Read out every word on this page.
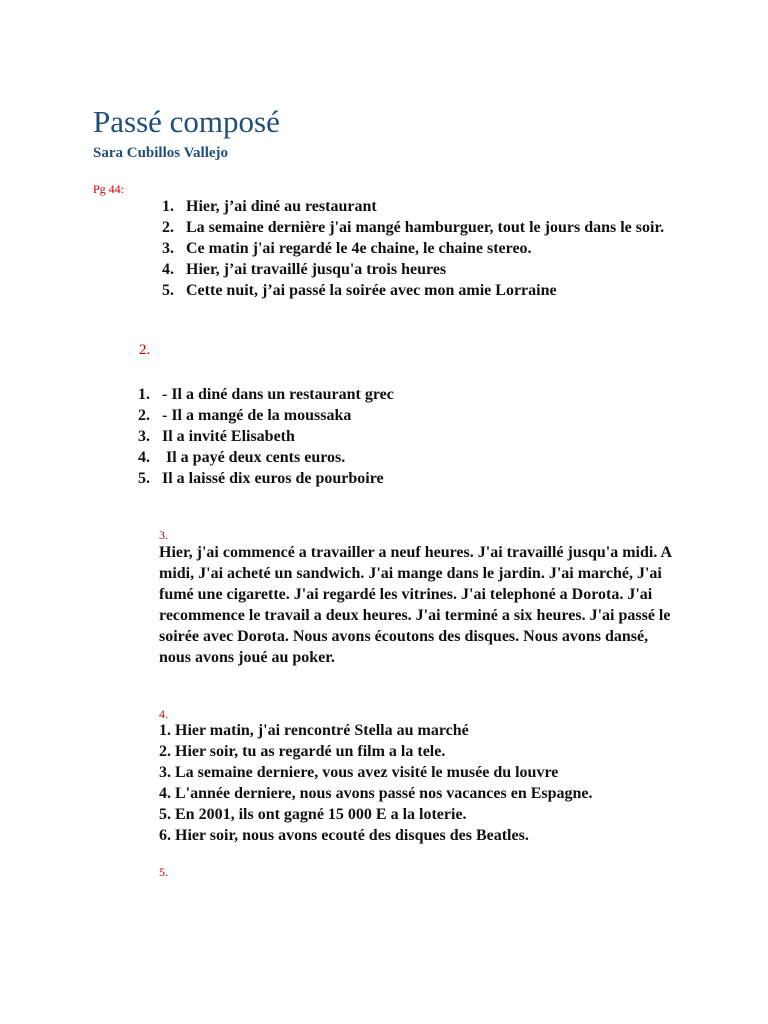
Passé composé
Sara Cubillos Vallejo
Pg 44:
1. Hier, j’ai diné au restaurant
2. La semaine dernière j'ai mangé hamburguer, tout le jours dans le soir.
3. Ce matin j'ai regardé le 4e chaine, le chaine stereo.
4. Hier, j’ai travaillé jusqu'a trois heures
5. Cette nuit, j’ai passé la soirée avec mon amie Lorraine
2.
1. - Il a diné dans un restaurant grec
2. - Il a mangé de la moussaka
3. Il a invité Elisabeth
4. Il a payé deux cents euros.
5. Il a laissé dix euros de pourboire
3.

Hier, j'ai commencé a travailler a neuf heures. J'ai travaillé jusqu'a midi. A midi, J'ai acheté un sandwich. J'ai mange dans le jardin. J'ai marché, J'ai fumé une cigarette. J'ai regardé les vitrines. J'ai telephoné a Dorota. J'ai recommence le travail a deux heures. J'ai terminé a six heures. J'ai passé le soirée avec Dorota. Nous avons écoutons des disques. Nous avons dansé, nous avons joué au poker.

4.
1. Hier matin, j'ai rencontré Stella au marché
2. Hier soir, tu as regardé un film a la tele.
3. La semaine derniere, vous avez visité le musée du louvre
4. L'année derniere, nous avons passé nos vacances en Espagne.
5. En 2001, ils ont gagné 15 000 E a la loterie.
6. Hier soir, nous avons ecouté des disques des Beatles.
5.
